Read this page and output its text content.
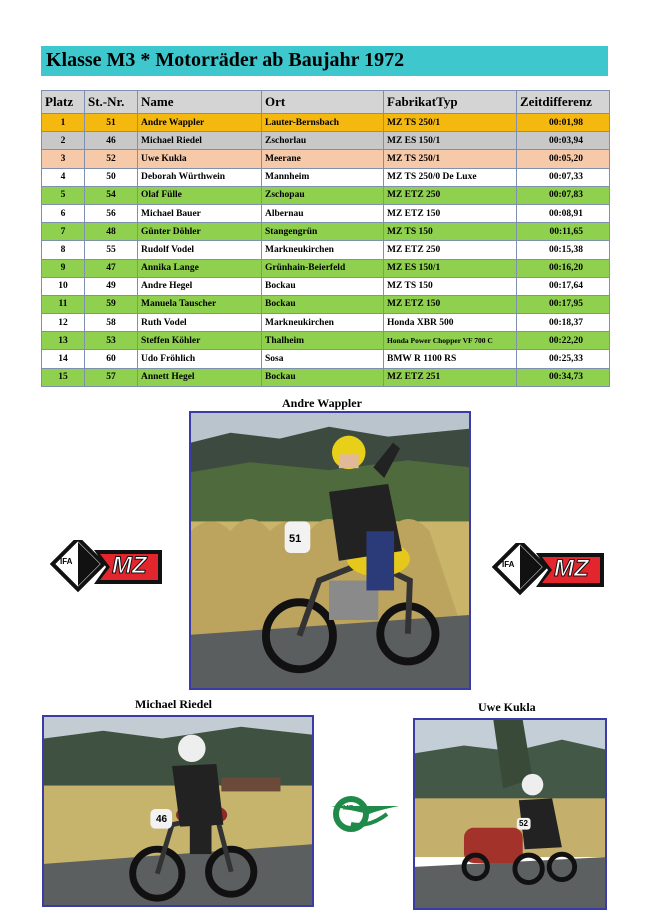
Klasse M3 * Motorräder ab Baujahr 1972
Platz	St.-Nr.	Name	Ort	FabrikatTyp	Zeitdifferenz
1	51	Andre Wappler	Lauter-Bernsbach	MZ TS 250/1	00:01,98
2	46	Michael Riedel	Zschorlau	MZ ES 150/1	00:03,94
3	52	Uwe Kukla	Meerane	MZ TS 250/1	00:05,20
4	50	Deborah Würthwein	Mannheim	MZ TS 250/0 De Luxe	00:07,33
5	54	Olaf Fülle	Zschopau	MZ ETZ 250	00:07,83
6	56	Michael Bauer	Albernau	MZ ETZ 150	00:08,91
7	48	Günter Döhler	Stangengrün	MZ TS 150	00:11,65
8	55	Rudolf Vodel	Markneukirchen	MZ ETZ 250	00:15,38
9	47	Annika Lange	Grünhain-Beierfeld	MZ ES 150/1	00:16,20
10	49	Andre Hegel	Bockau	MZ TS 150	00:17,64
11	59	Manuela Tauscher	Bockau	MZ ETZ 150	00:17,95
12	58	Ruth Vodel	Markneukirchen	Honda XBR 500	00:18,37
13	53	Steffen Köhler	Thalheim	Honda Power Chopper VF 700 C	00:22,20
14	60	Udo Fröhlich	Sosa	BMW R 1100 RS	00:25,33
15	57	Annett Hegel	Bockau	MZ ETZ 251	00:34,73
Andre Wappler
51
IFA MZ	IFA MZ
Michael Riedel
46
MZ
Uwe Kukla
52
